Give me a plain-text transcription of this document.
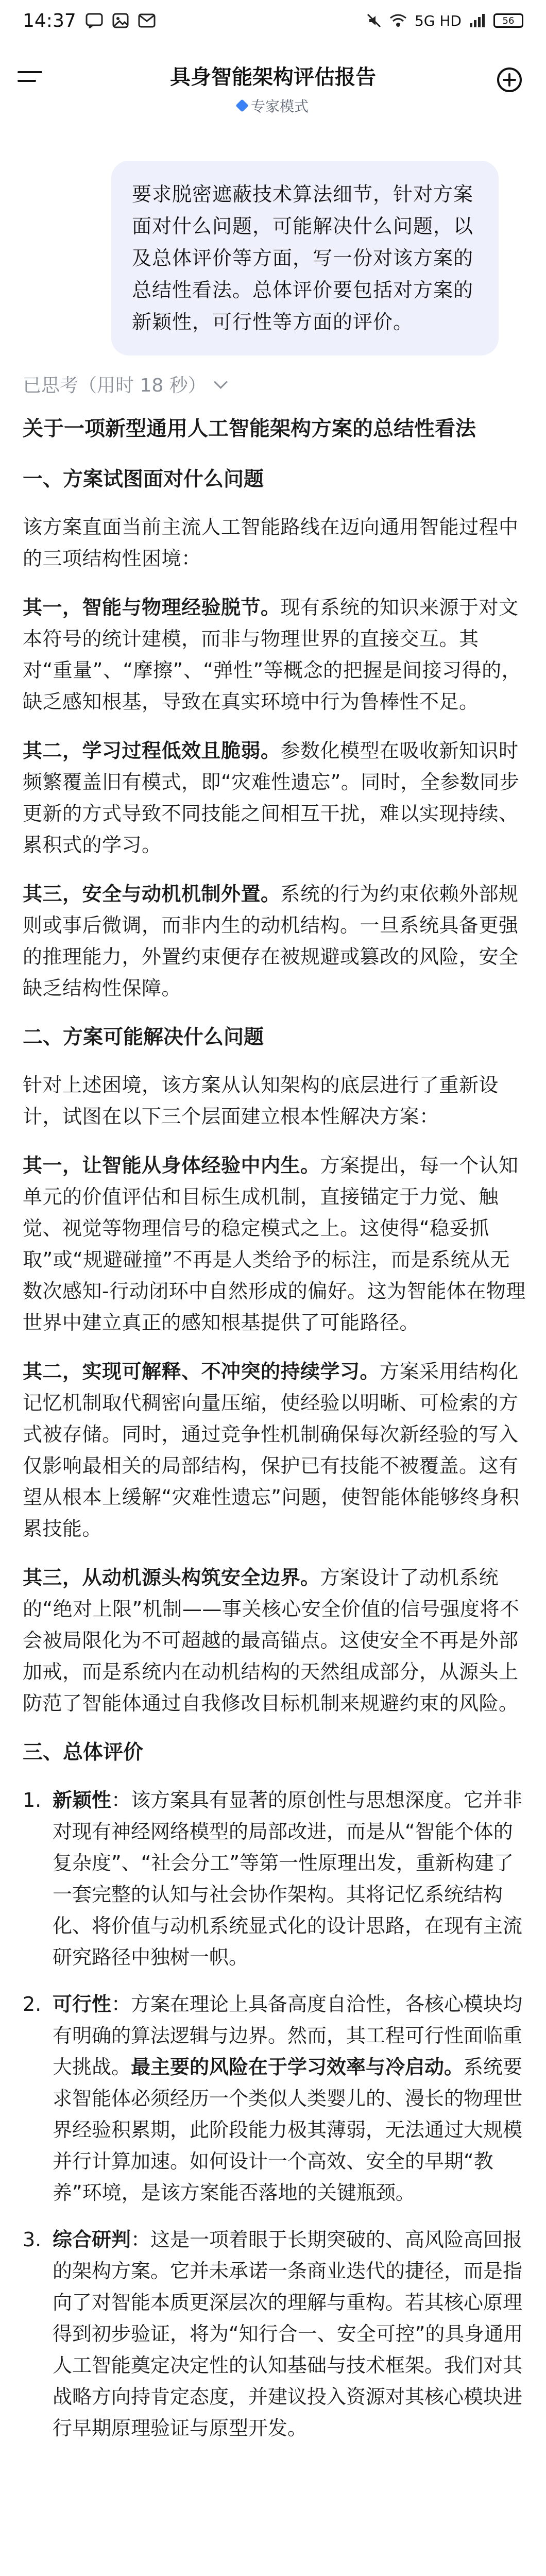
14:37	5G HD	56
具身智能架构评估报告
专家模式
要求脱密遮蔽技术算法细节，针对方案面对什么问题，可能解决什么问题，以及总体评价等方面，写一份对该方案的总结性看法。总体评价要包括对方案的新颖性，可行性等方面的评价。
已思考（用时 18 秒）
关于一项新型通用人工智能架构方案的总结性看法
一、方案试图面对什么问题

该方案直面当前主流人工智能路线在迈向通用智能过程中的三项结构性困境：

其一，智能与物理经验脱节。现有系统的知识来源于对文本符号的统计建模，而非与物理世界的直接交互。其对“重量”、“摩擦”、“弹性”等概念的把握是间接习得的，缺乏感知根基，导致在真实环境中行为鲁棒性不足。

其二，学习过程低效且脆弱。参数化模型在吸收新知识时频繁覆盖旧有模式，即“灾难性遗忘”。同时，全参数同步更新的方式导致不同技能之间相互干扰，难以实现持续、累积式的学习。

其三，安全与动机机制外置。系统的行为约束依赖外部规则或事后微调，而非内生的动机结构。一旦系统具备更强的推理能力，外置约束便存在被规避或篡改的风险，安全缺乏结构性保障。

二、方案可能解决什么问题

针对上述困境，该方案从认知架构的底层进行了重新设计，试图在以下三个层面建立根本性解决方案：

其一，让智能从身体经验中内生。方案提出，每一个认知单元的价值评估和目标生成机制，直接锚定于力觉、触觉、视觉等物理信号的稳定模式之上。这使得“稳妥抓取”或“规避碰撞”不再是人类给予的标注，而是系统从无数次感知-行动闭环中自然形成的偏好。这为智能体在物理世界中建立真正的感知根基提供了可能路径。

其二，实现可解释、不冲突的持续学习。方案采用结构化记忆机制取代稠密向量压缩，使经验以明晰、可检索的方式被存储。同时，通过竞争性机制确保每次新经验的写入仅影响最相关的局部结构，保护已有技能不被覆盖。这有望从根本上缓解“灾难性遗忘”问题，使智能体能够终身积累技能。

其三，从动机源头构筑安全边界。方案设计了动机系统的“绝对上限”机制——事关核心安全价值的信号强度将不会被局限化为不可超越的最高锚点。这使安全不再是外部加戒，而是系统内在动机结构的天然组成部分，从源头上防范了智能体通过自我修改目标机制来规避约束的风险。

三、总体评价
1. 新颖性：该方案具有显著的原创性与思想深度。它并非对现有神经网络模型的局部改进，而是从“智能个体的复杂度”、“社会分工”等第一性原理出发，重新构建了一套完整的认知与社会协作架构。其将记忆系统结构化、将价值与动机系统显式化的设计思路，在现有主流研究路径中独树一帜。
2. 可行性：方案在理论上具备高度自洽性，各核心模块均有明确的算法逻辑与边界。然而，其工程可行性面临重大挑战。最主要的风险在于学习效率与冷启动。系统要求智能体必须经历一个类似人类婴儿的、漫长的物理世界经验积累期，此阶段能力极其薄弱，无法通过大规模并行计算加速。如何设计一个高效、安全的早期“教养”环境，是该方案能否落地的关键瓶颈。
3. 综合研判：这是一项着眼于长期突破的、高风险高回报的架构方案。它并未承诺一条商业迭代的捷径，而是指向了对智能本质更深层次的理解与重构。若其核心原理得到初步验证，将为“知行合一、安全可控”的具身通用人工智能奠定决定性的认知基础与技术框架。我们对其战略方向持肯定态度，并建议投入资源对其核心模块进行早期原理验证与原型开发。
